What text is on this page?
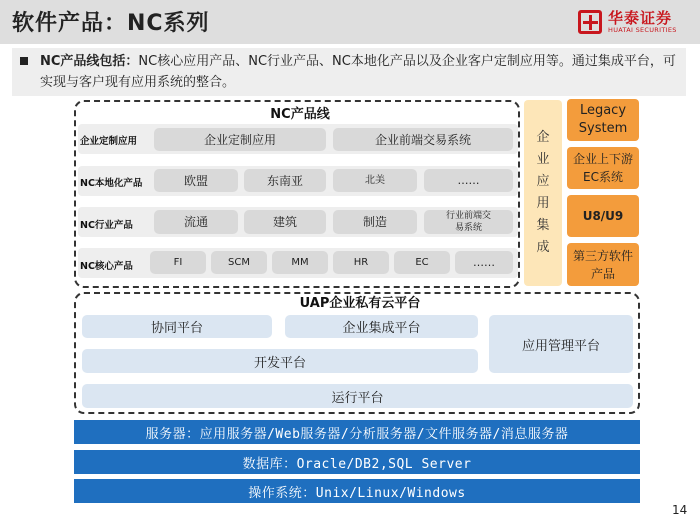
软件产品：NC系列	华泰证券
HUATAI SECURITIES
NC产品线包括：NC核心应用产品、NC行业产品、NC本地化产品以及企业客户定制应用等。通过集成平台，可实现与客户现有应用系统的整合。
NC产品线
企业定制应用	企业定制应用	企业前端交易系统
NC本地化产品	欧盟	东南亚	北美	……
NC行业产品	流通	建筑	制造	行业前端交易系统
NC核心产品	FI	SCM	MM	HR	EC	……
企业应用集成
Legacy System
企业上下游EC系统
U8/U9
第三方软件产品
UAP企业私有云平台
协同平台	企业集成平台
应用管理平台
开发平台
运行平台
服务器：应用服务器/Web服务器/分析服务器/文件服务器/消息服务器
数据库：Oracle/DB2,SQL Server
操作系统：Unix/Linux/Windows
14
